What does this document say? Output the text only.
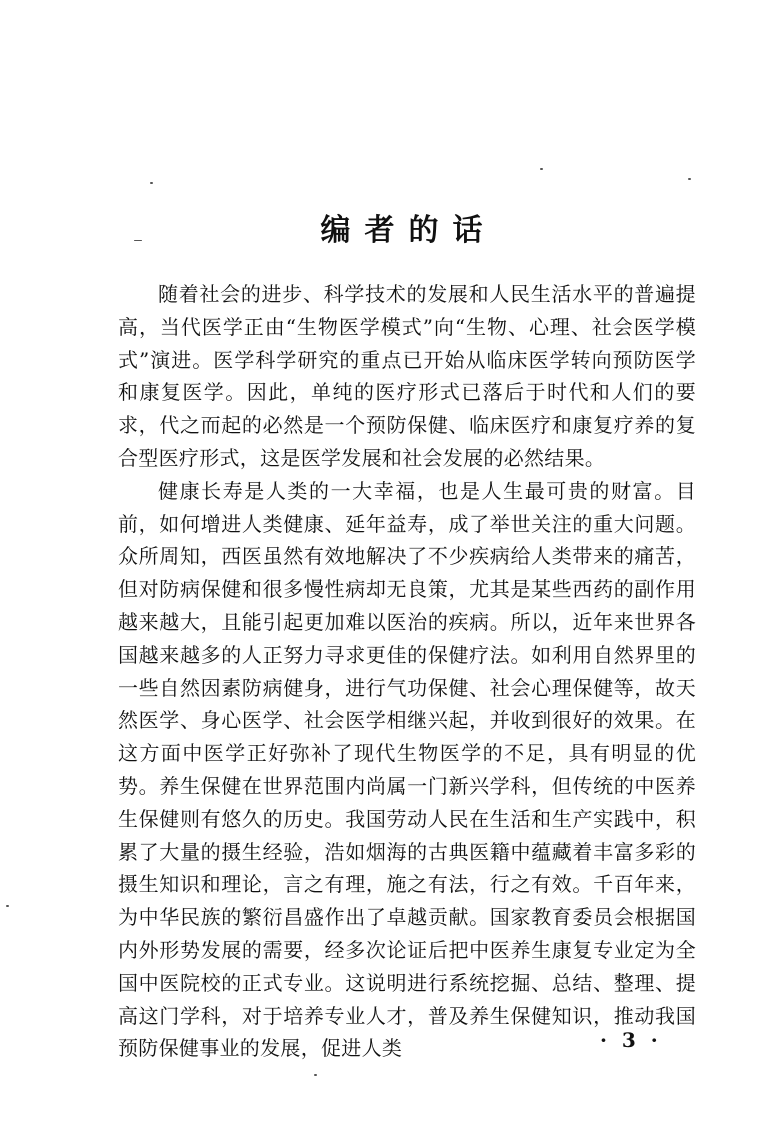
编者的话

随着社会的进步、科学技术的发展和人民生活水平的普遍提高，当代医学正由“生物医学模式”向“生物、心理、社会医学模式”演进。医学科学研究的重点已开始从临床医学转向预防医学和康复医学。因此，单纯的医疗形式已落后于时代和人们的要求，代之而起的必然是一个预防保健、临床医疗和康复疗养的复合型医疗形式，这是医学发展和社会发展的必然结果。

健康长寿是人类的一大幸福，也是人生最可贵的财富。目前，如何增进人类健康、延年益寿，成了举世关注的重大问题。众所周知，西医虽然有效地解决了不少疾病给人类带来的痛苦，但对防病保健和很多慢性病却无良策，尤其是某些西药的副作用越来越大，且能引起更加难以医治的疾病。所以，近年来世界各国越来越多的人正努力寻求更佳的保健疗法。如利用自然界里的一些自然因素防病健身，进行气功保健、社会心理保健等，故天然医学、身心医学、社会医学相继兴起，并收到很好的效果。在这方面中医学正好弥补了现代生物医学的不足，具有明显的优势。养生保健在世界范围内尚属一门新兴学科，但传统的中医养生保健则有悠久的历史。我国劳动人民在生活和生产实践中，积累了大量的摄生经验，浩如烟海的古典医籍中蕴藏着丰富多彩的摄生知识和理论，言之有理，施之有法，行之有效。千百年来，为中华民族的繁衍昌盛作出了卓越贡献。国家教育委员会根据国内外形势发展的需要，经多次论证后把中医养生康复专业定为全国中医院校的正式专业。这说明进行系统挖掘、总结、整理、提高这门学科，对于培养专业人才，普及养生保健知识，推动我国预防保健事业的发展，促进人类	· 3 ·
